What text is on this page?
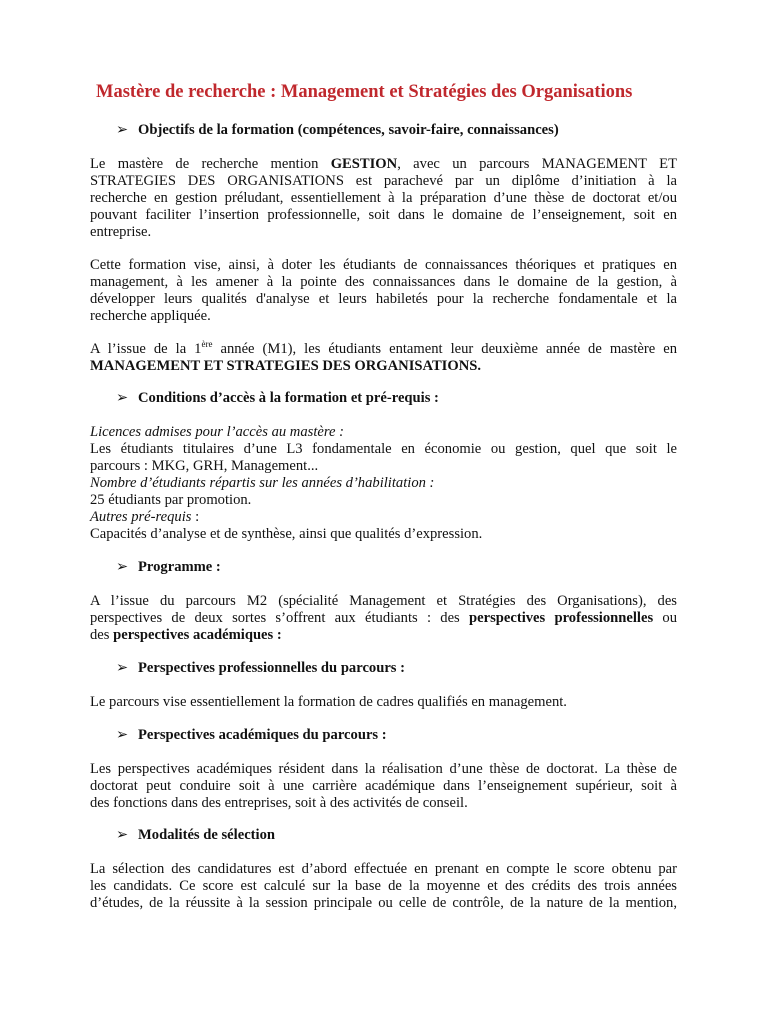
Mastère de recherche : Management et Stratégies des Organisations
➢ Objectifs de la formation (compétences, savoir-faire, connaissances)
Le mastère de recherche mention GESTION, avec un parcours MANAGEMENT ET
STRATEGIES DES ORGANISATIONS est parachevé par un diplôme d’initiation à la
recherche en gestion préludant, essentiellement à la préparation d’une thèse de doctorat et/ou
pouvant faciliter l’insertion professionnelle, soit dans le domaine de l’enseignement, soit en
entreprise.
Cette formation vise, ainsi, à doter les étudiants de connaissances théoriques et pratiques en
management, à les amener à la pointe des connaissances dans le domaine de la gestion, à
développer leurs qualités d'analyse et leurs habiletés pour la recherche fondamentale et la
recherche appliquée.
A l’issue de la 1ère année (M1), les étudiants entament leur deuxième année de mastère en
MANAGEMENT ET STRATEGIES DES ORGANISATIONS.
➢ Conditions d’accès à la formation et pré-requis :
Licences admises pour l’accès au mastère :
Les étudiants titulaires d’une L3 fondamentale en économie ou gestion, quel que soit le
parcours : MKG, GRH, Management...
Nombre d’étudiants répartis sur les années d’habilitation :
25 étudiants par promotion.
Autres pré-requis :
Capacités d’analyse et de synthèse, ainsi que qualités d’expression.
➢ Programme :
A l’issue du parcours M2 (spécialité Management et Stratégies des Organisations), des
perspectives de deux sortes s’offrent aux étudiants : des perspectives professionnelles ou
des perspectives académiques :
➢ Perspectives professionnelles du parcours :
Le parcours vise essentiellement la formation de cadres qualifiés en management.
➢ Perspectives académiques du parcours :
Les perspectives académiques résident dans la réalisation d’une thèse de doctorat. La thèse de
doctorat peut conduire soit à une carrière académique dans l’enseignement supérieur, soit à
des fonctions dans des entreprises, soit à des activités de conseil.
➢ Modalités de sélection
La sélection des candidatures est d’abord effectuée en prenant en compte le score obtenu par
les candidats. Ce score est calculé sur la base de la moyenne et des crédits des trois années
d’études, de la réussite à la session principale ou celle de contrôle, de la nature de la mention,
